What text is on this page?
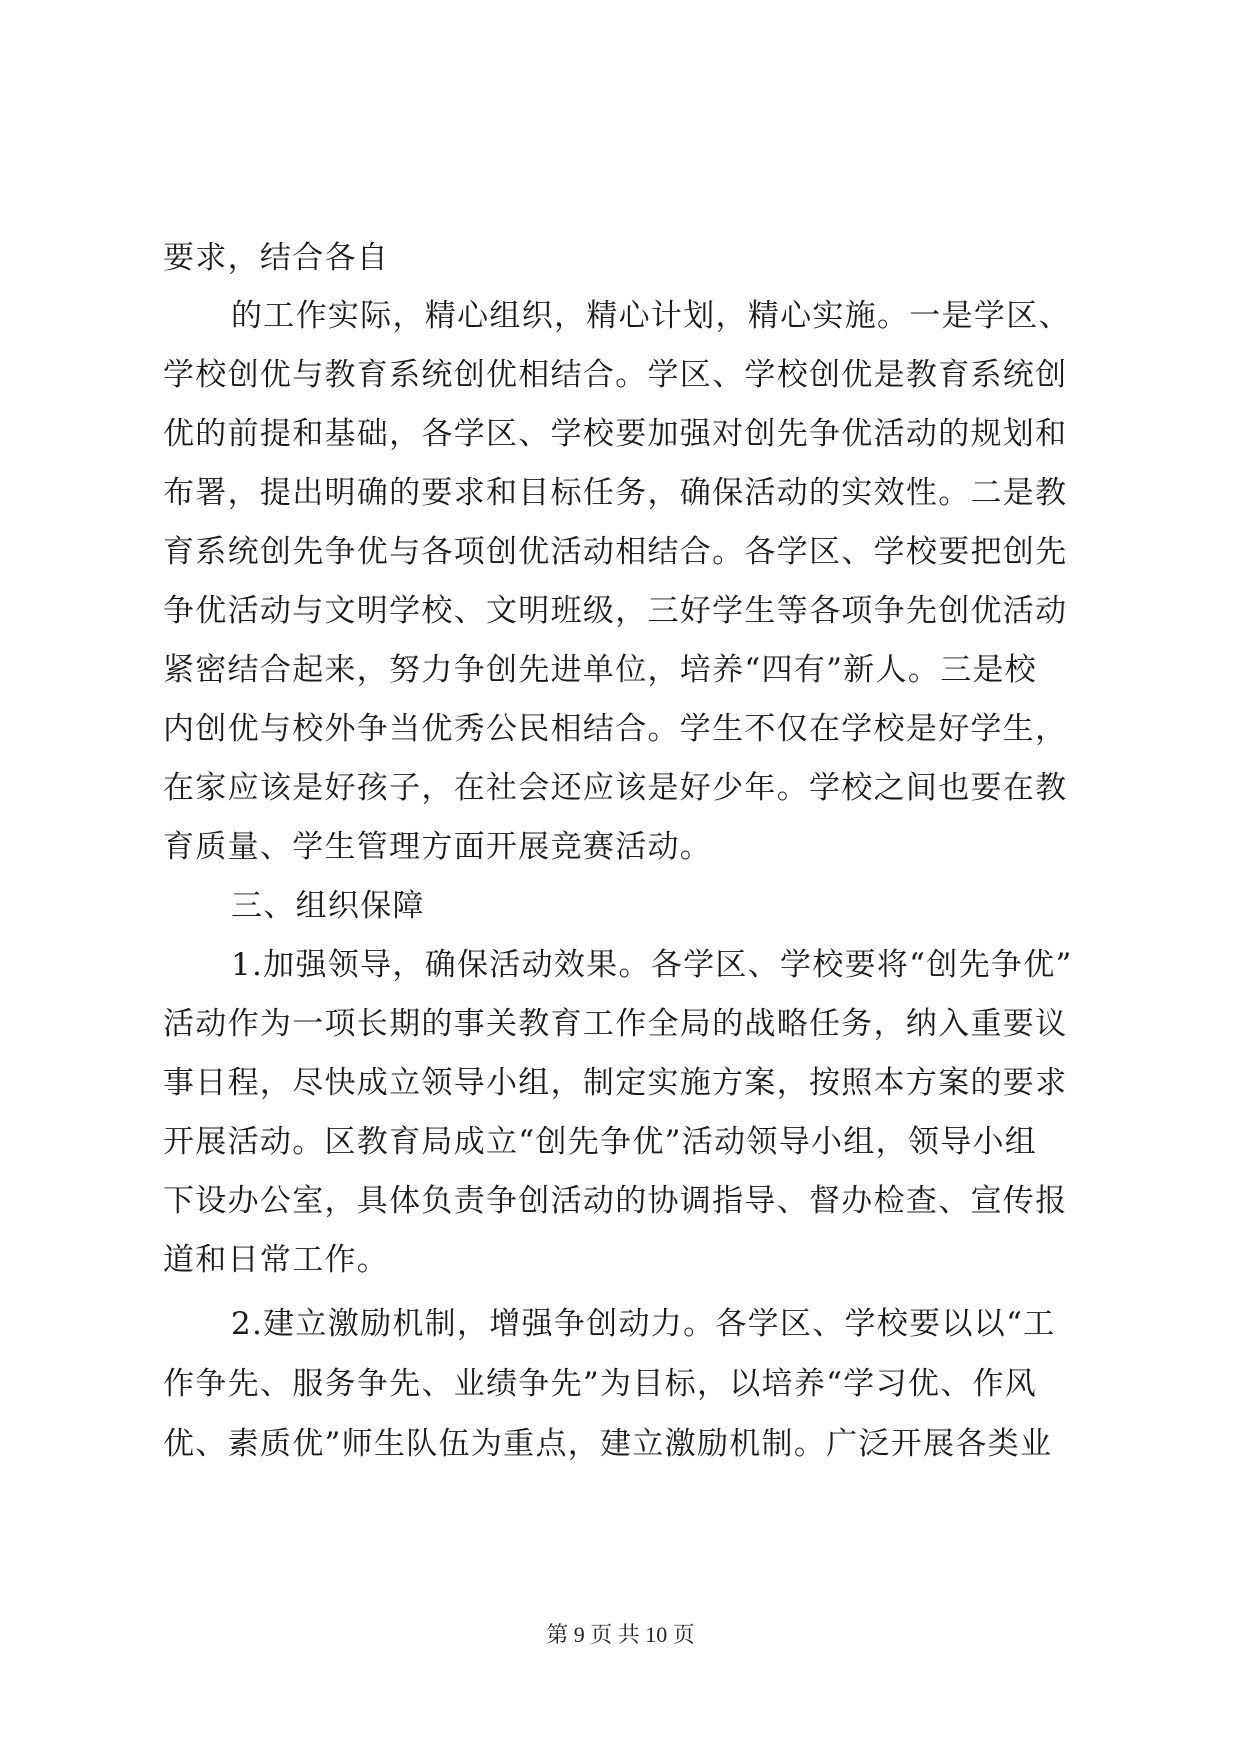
要求，结合各自
的工作实际，精心组织，精心计划，精心实施。一是学区、
学校创优与教育系统创优相结合。学区、学校创优是教育系统创
优的前提和基础，各学区、学校要加强对创先争优活动的规划和
布署，提出明确的要求和目标任务，确保活动的实效性。二是教
育系统创先争优与各项创优活动相结合。各学区、学校要把创先
争优活动与文明学校、文明班级，三好学生等各项争先创优活动
紧密结合起来，努力争创先进单位，培养“四有”新人。三是校
内创优与校外争当优秀公民相结合。学生不仅在学校是好学生，
在家应该是好孩子，在社会还应该是好少年。学校之间也要在教
育质量、学生管理方面开展竞赛活动。
三、组织保障
1.加强领导，确保活动效果。各学区、学校要将“创先争优”
活动作为一项长期的事关教育工作全局的战略任务，纳入重要议
事日程，尽快成立领导小组，制定实施方案，按照本方案的要求
开展活动。区教育局成立“创先争优”活动领导小组，领导小组
下设办公室，具体负责争创活动的协调指导、督办检查、宣传报
道和日常工作。
2.建立激励机制，增强争创动力。各学区、学校要以以“工
作争先、服务争先、业绩争先”为目标，以培养“学习优、作风
优、素质优”师生队伍为重点，建立激励机制。广泛开展各类业
第 9 页 共 10 页
